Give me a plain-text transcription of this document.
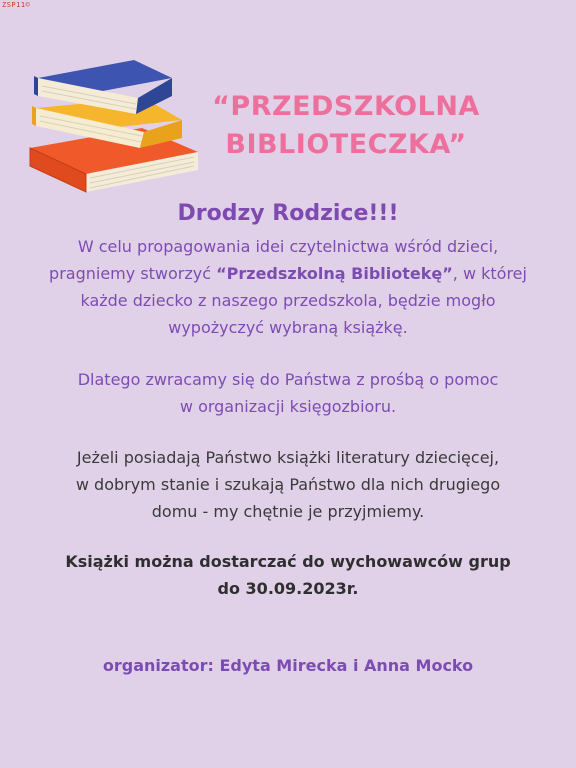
ZSP11©
“PRZEDSZKOLNA
BIBLIOTECZKA”
Drodzy Rodzice!!!
W celu propagowania idei czytelnictwa wśród dzieci,
pragniemy stworzyć “Przedszkolną Bibliotekę”, w której
każde dziecko z naszego przedszkola, będzie mogło
wypożyczyć wybraną książkę.
Dlatego zwracamy się do Państwa z prośbą o pomoc
w organizacji księgozbioru.
Jeżeli posiadają Państwo książki literatury dziecięcej,
w dobrym stanie i szukają Państwo dla nich drugiego
domu - my chętnie je przyjmiemy.
Książki można dostarczać do wychowawców grup
do 30.09.2023r.
organizator: Edyta Mirecka i Anna Mocko
